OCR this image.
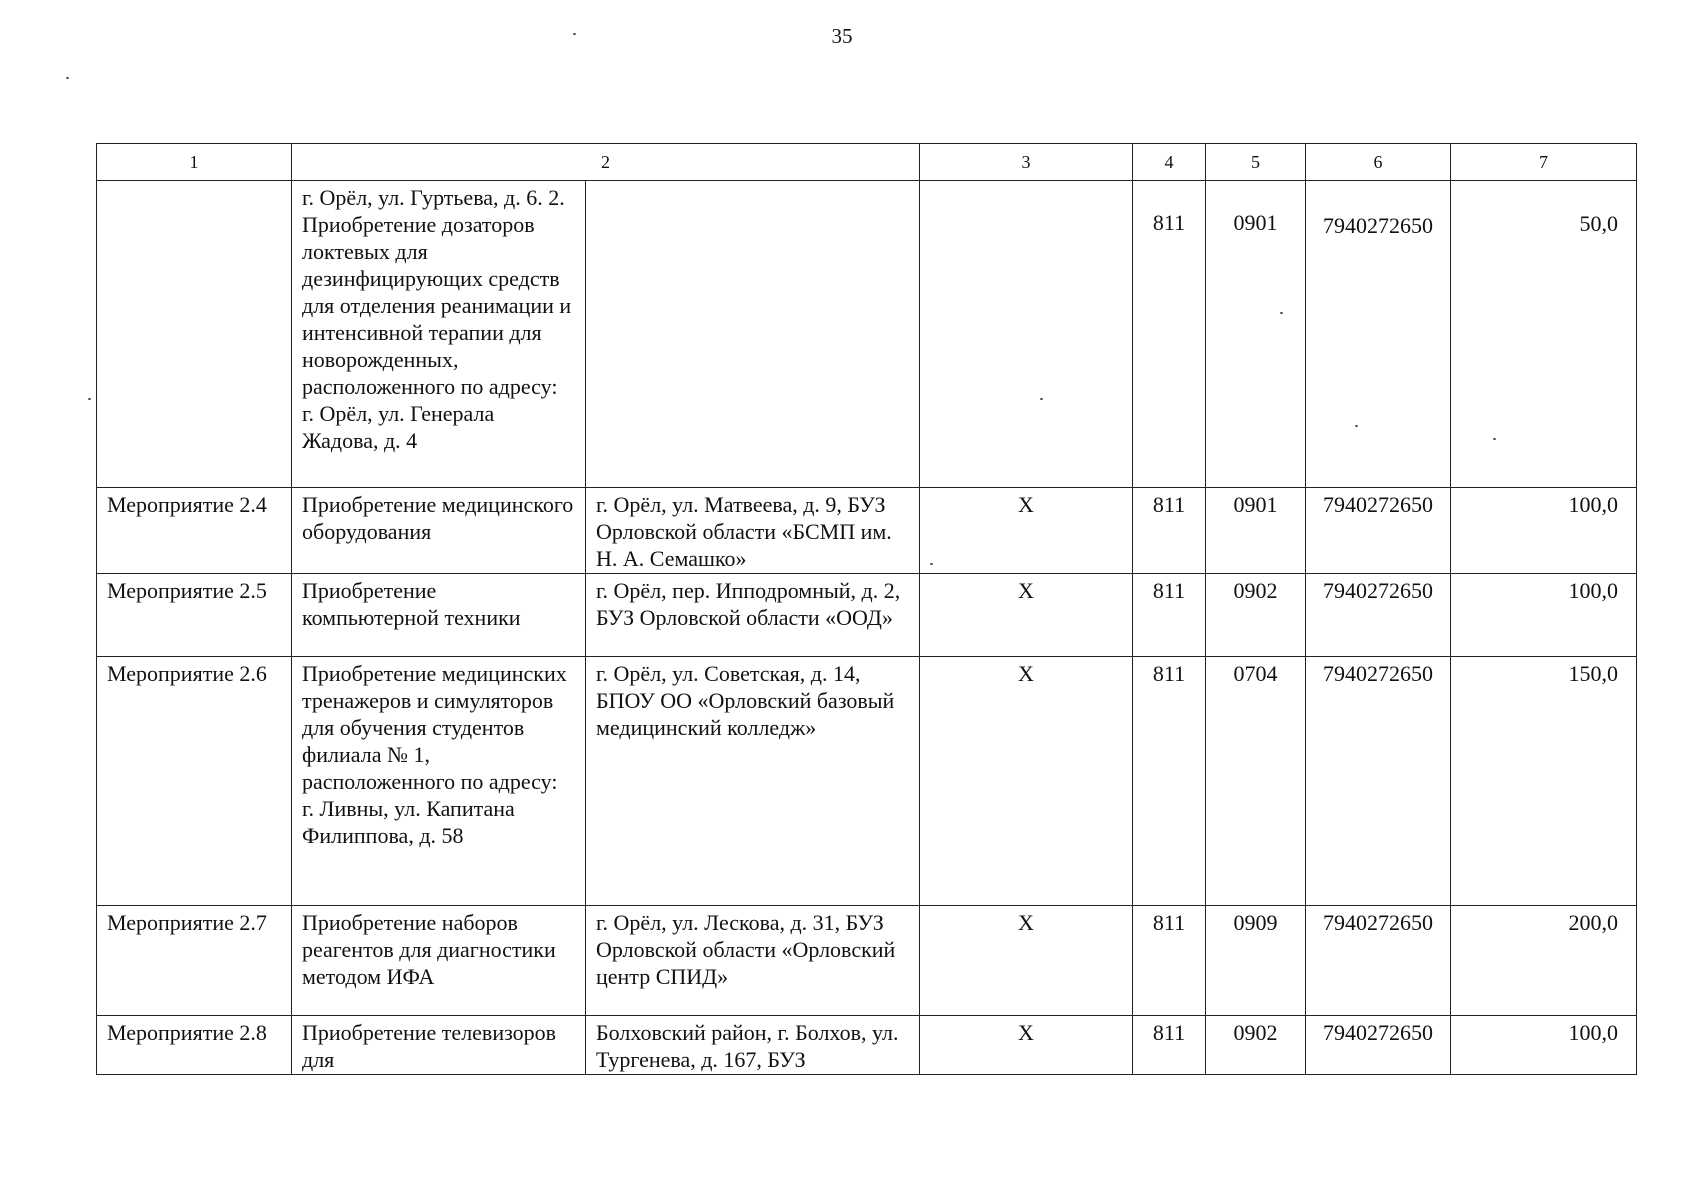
35
1	2		3	4	5	6	7
	г. Орёл, ул. Гуртьева, д. 6. 2. Приобретение дозаторов локтевых для дезинфицирующих средств для отделения реанимации и интенсивной терапии для новорожденных, расположенного по адресу: г. Орёл, ул. Генерала Жадова, д. 4			811	0901	7940272650	50,0
Мероприятие 2.4	Приобретение медицинского оборудования	г. Орёл, ул. Матвеева, д. 9, БУЗ Орловской области «БСМП им. Н. А. Семашко»	X	811	0901	7940272650	100,0
Мероприятие 2.5	Приобретение компьютерной техники	г. Орёл, пер. Ипподромный, д. 2, БУЗ Орловской области «ООД»	X	811	0902	7940272650	100,0
Мероприятие 2.6	Приобретение медицинских тренажеров и симуляторов для обучения студентов филиала № 1, расположенного по адресу: г. Ливны, ул. Капитана Филиппова, д. 58	г. Орёл, ул. Советская, д. 14, БПОУ ОО «Орловский базовый медицинский колледж»	X	811	0704	7940272650	150,0
Мероприятие 2.7	Приобретение наборов реагентов для диагностики методом ИФА	г. Орёл, ул. Лескова, д. 31, БУЗ Орловской области «Орловский центр СПИД»	X	811	0909	7940272650	200,0
Мероприятие 2.8	Приобретение телевизоров для	Болховский район, г. Болхов, ул. Тургенева, д. 167, БУЗ	X	811	0902	7940272650	100,0
